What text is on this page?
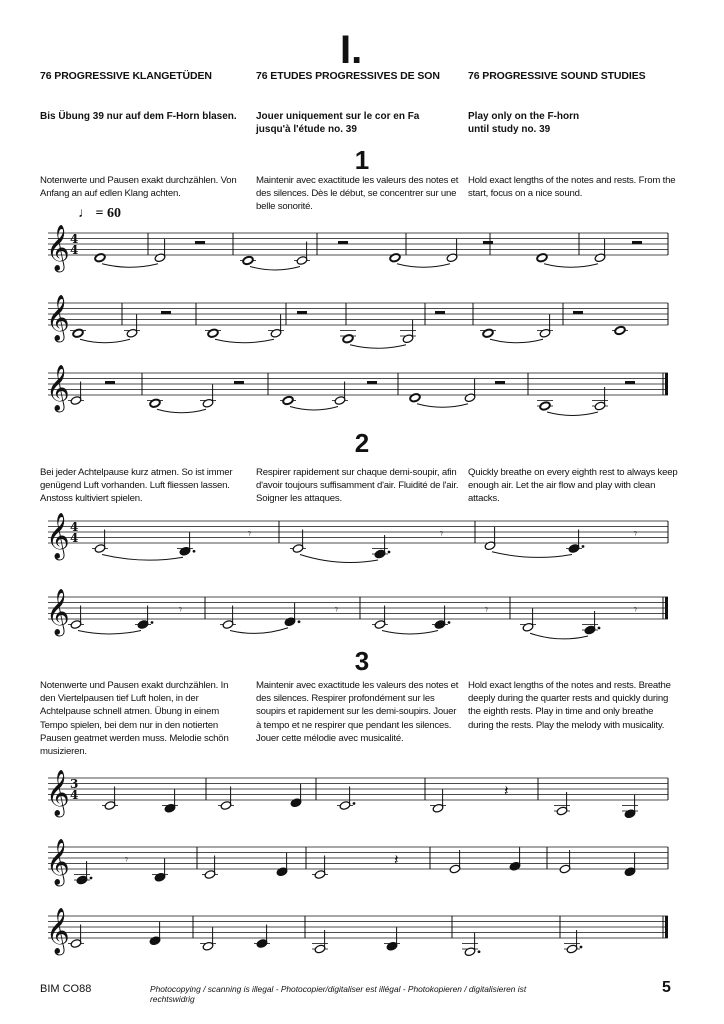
I.
76 PROGRESSIVE KLANGETÜDEN	76 ETUDES PROGRESSIVES DE SON	76 PROGRESSIVE SOUND STUDIES
Bis Übung 39 nur auf dem F-Horn blasen.	Jouer uniquement sur le cor en Fa jusqu'à l'étude no. 39
Play only on the F-horn until study no. 39
1
Notenwerte und Pausen exakt durchzählen. Von Anfang an auf edlen Klang achten.
Maintenir avec exactitude les valeurs des notes et des silences. Dès le début, se concentrer sur une belle sonorité.
Hold exact lengths of the notes and rests. From the start, focus on a nice sound.
♩ = 60
2
Bei jeder Achtelpause kurz atmen. So ist immer genügend Luft vorhanden. Luft fliessen lassen. Anstoss kultiviert spielen.
Respirer rapidement sur chaque demi-soupir, afin d'avoir toujours suffisamment d'air. Fluidité de l'air. Soigner les attaques.
Quickly breathe on every eighth rest to always keep enough air. Let the air flow and play with clean attacks.
3
Notenwerte und Pausen exakt durchzählen. In den Viertelpausen tief Luft holen, in der Achtelpause schnell atmen. Übung in einem Tempo spielen, bei dem nur in den notierten Pausen geatmet werden muss. Melodie schön musizieren.
Maintenir avec exactitude les valeurs des notes et des silences. Respirer profondément sur les soupirs et rapidement sur les demi-soupirs. Jouer à tempo et ne respirer que pendant les silences. Jouer cette mélodie avec musicalité.
Hold exact lengths of the notes and rests. Breathe deeply during the quarter rests and quickly during the eighth rests. Play in time and only breathe during the rests. Play the melody with musicality.
𝄞 4
4
𝄞
𝄞
𝄞 4
4	𝄾	𝄾	𝄾
𝄞	𝄾	𝄾	𝄾	𝄾
𝄞 3
4	𝄽
𝄞	𝄾	𝄽
𝄞
BIM CO88	Photocopying / scanning is illegal - Photocopier/digitaliser est illégal - Photokopieren / digitalisieren ist rechtswidrig
5
